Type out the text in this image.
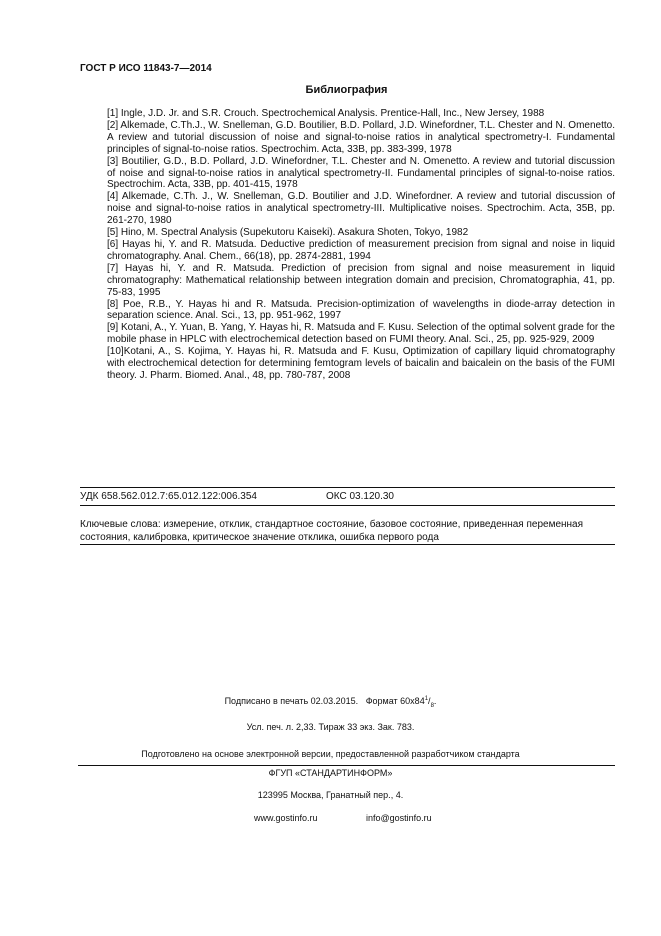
ГОСТ Р ИСО 11843-7—2014
Библиография

[1] Ingle, J.D. Jr. and S.R. Crouch. Spectrochemical Analysis. Prentice-Hall, Inc., New Jersey, 1988

[2] Alkemade, C.Th.J., W. Snelleman, G.D. Boutilier, B.D. Pollard, J.D. Winefordner, T.L. Chester and N. Omenetto. A review and tutorial discussion of noise and signal-to-noise ratios in analytical spectrometry-I. Fundamental principles of signal-to-noise ratios. Spectrochim. Acta, 33B, pp. 383-399, 1978

[3] Boutilier, G.D., B.D. Pollard, J.D. Winefordner, T.L. Chester and N. Omenetto. A review and tutorial discussion of noise and signal-to-noise ratios in analytical spectrometry-II. Fundamental principles of signal-to-noise ratios. Spectrochim. Acta, 33B, pp. 401-415, 1978

[4] Alkemade, C.Th. J., W. Snelleman, G.D. Boutilier and J.D. Winefordner. A review and tutorial discussion of noise and signal-to-noise ratios in analytical spectrometry-III. Multiplicative noises. Spectrochim. Acta, 35B, pp. 261-270, 1980

[5] Hino, M. Spectral Analysis (Supekutoru Kaiseki). Asakura Shoten, Tokyo, 1982

[6] Hayas hi, Y. and R. Matsuda. Deductive prediction of measurement precision from signal and noise in liquid chromatography. Anal. Chem., 66(18), pp. 2874-2881, 1994

[7] Hayas hi, Y. and R. Matsuda. Prediction of precision from signal and noise measurement in liquid chromatography: Mathematical relationship between integration domain and precision, Chromatographia, 41, pp. 75-83, 1995

[8] Poe, R.B., Y. Hayas hi and R. Matsuda. Precision-optimization of wavelengths in diode-array detection in separation science. Anal. Sci., 13, pp. 951-962, 1997

[9] Kotani, A., Y. Yuan, B. Yang, Y. Hayas hi, R. Matsuda and F. Kusu. Selection of the optimal solvent grade for the mobile phase in HPLC with electrochemical detection based on FUMI theory. Anal. Sci., 25, pp. 925-929, 2009

[10]Kotani, A., S. Kojima, Y. Hayas hi, R. Matsuda and F. Kusu, Optimization of capillary liquid chromatography with electrochemical detection for determining femtogram levels of baicalin and baicalein on the basis of the FUMI theory. J. Pharm. Biomed. Anal., 48, pp. 780-787, 2008

УДК 658.562.012.7:65.012.122:006.354	ОКС 03.120.30
Ключевые слова: измерение, отклик, стандартное состояние, базовое состояние, приведенная переменная состояния, калибровка, критическое значение отклика, ошибка первого рода
Подписано в печать 02.03.2015. Формат $60x84^1/_8$.
Усл. печ. л. 2,33. Тираж 33 экз. Зак. 783.
Подготовлено на основе электронной версии, предоставленной разработчиком стандарта
ФГУП «СТАНДАРТИНФОРМ»
123995 Москва, Гранатный пер., 4.
www.gostinfo.ru	info@gostinfo.ru
